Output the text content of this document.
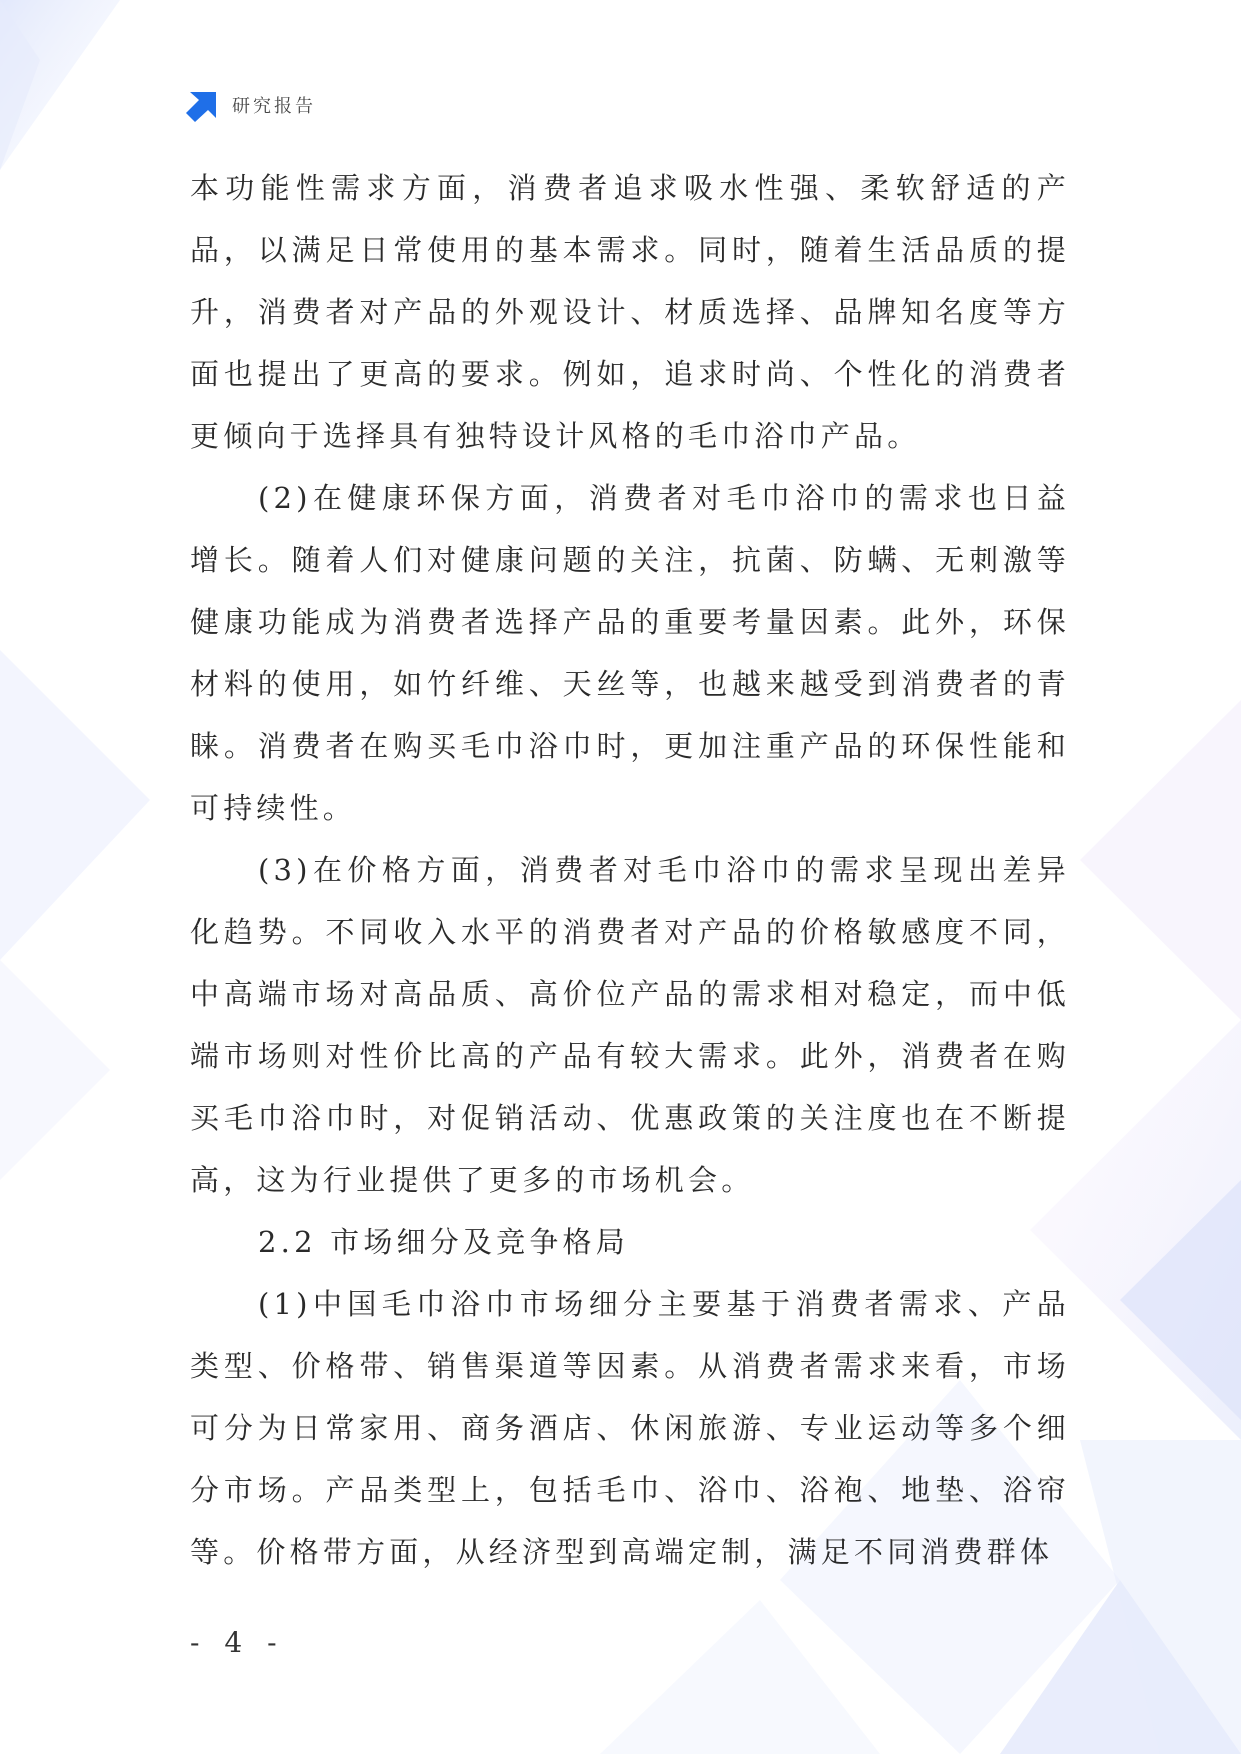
研究报告

本功能性需求方面，消费者追求吸水性强、柔软舒适的产品，以满足日常使用的基本需求。同时，随着生活品质的提升，消费者对产品的外观设计、材质选择、品牌知名度等方面也提出了更高的要求。例如，追求时尚、个性化的消费者更倾向于选择具有独特设计风格的毛巾浴巾产品。

(2)在健康环保方面，消费者对毛巾浴巾的需求也日益增长。随着人们对健康问题的关注，抗菌、防螨、无刺激等健康功能成为消费者选择产品的重要考量因素。此外，环保材料的使用，如竹纤维、天丝等，也越来越受到消费者的青睐。消费者在购买毛巾浴巾时，更加注重产品的环保性能和可持续性。

(3)在价格方面，消费者对毛巾浴巾的需求呈现出差异化趋势。不同收入水平的消费者对产品的价格敏感度不同，中高端市场对高品质、高价位产品的需求相对稳定，而中低端市场则对性价比高的产品有较大需求。此外，消费者在购买毛巾浴巾时，对促销活动、优惠政策的关注度也在不断提高，这为行业提供了更多的市场机会。

2.2 市场细分及竞争格局

(1)中国毛巾浴巾市场细分主要基于消费者需求、产品类型、价格带、销售渠道等因素。从消费者需求来看，市场可分为日常家用、商务酒店、休闲旅游、专业运动等多个细分市场。产品类型上，包括毛巾、浴巾、浴袍、地垫、浴帘等。价格带方面，从经济型到高端定制，满足不同消费群体

- 4 -
